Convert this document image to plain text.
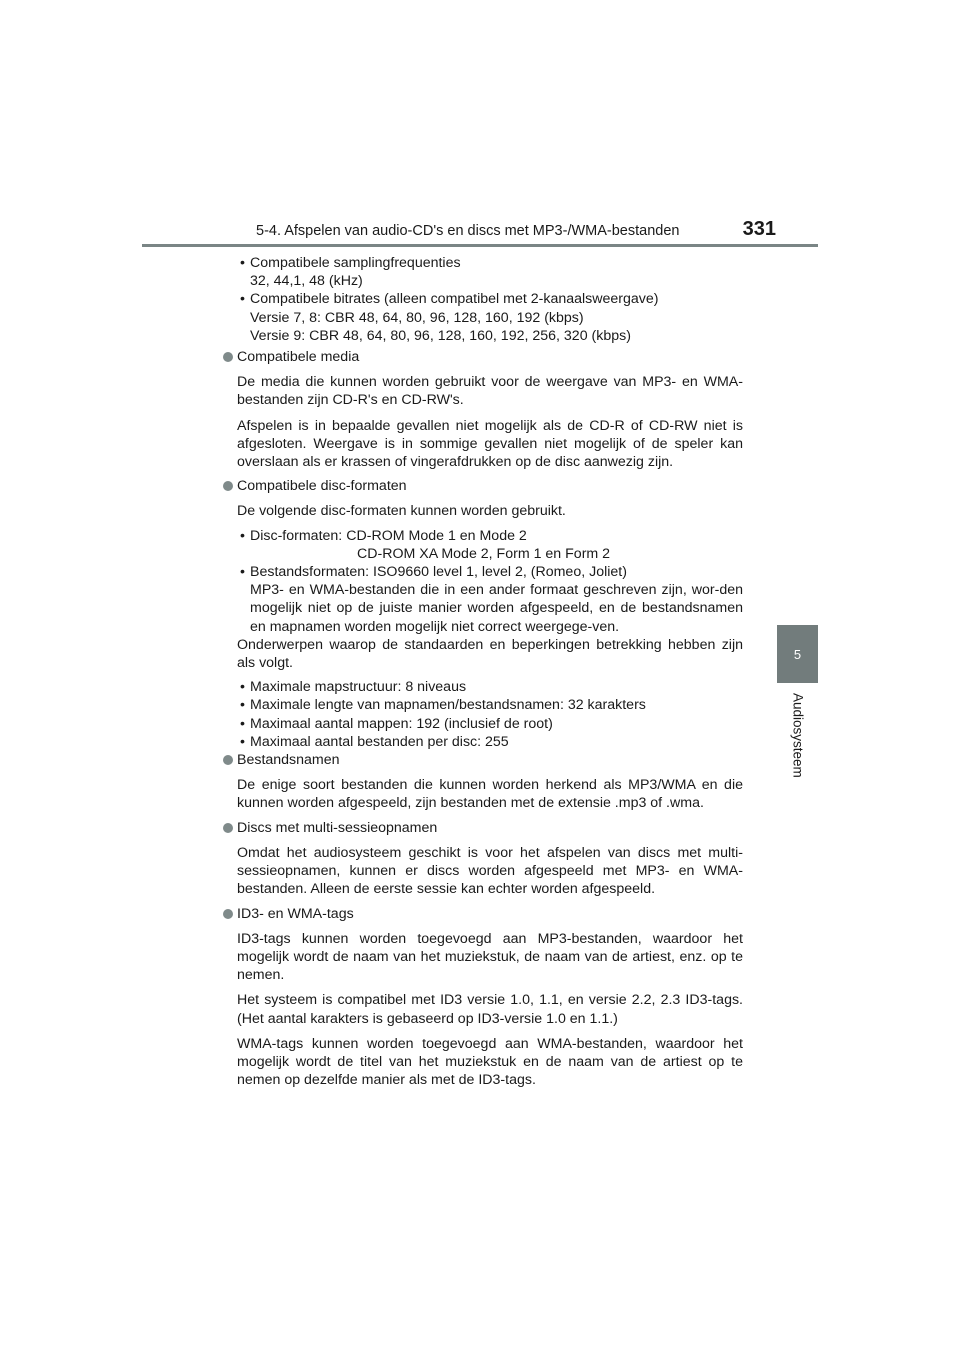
5-4. Afspelen van audio-CD's en discs met MP3-/WMA-bestanden	331
5
Audiosysteem
• Compatibele samplingfrequenties
32, 44,1, 48 (kHz)
• Compatibele bitrates (alleen compatibel met 2-kanaalsweergave)
Versie 7, 8: CBR 48, 64, 80, 96, 128, 160, 192 (kbps)
Versie 9: CBR 48, 64, 80, 96, 128, 160, 192, 256, 320 (kbps)
Compatibele media
De media die kunnen worden gebruikt voor de weergave van MP3- en WMA-bestanden zijn CD-R's en CD-RW's.
Afspelen is in bepaalde gevallen niet mogelijk als de CD-R of CD-RW niet is afgesloten. Weergave is in sommige gevallen niet mogelijk of de speler kan overslaan als er krassen of vingerafdrukken op de disc aanwezig zijn.
Compatibele disc-formaten
De volgende disc-formaten kunnen worden gebruikt.
• Disc-formaten: CD-ROM Mode 1 en Mode 2
CD-ROM XA Mode 2, Form 1 en Form 2
• Bestandsformaten: ISO9660 level 1, level 2, (Romeo, Joliet)
MP3- en WMA-bestanden die in een ander formaat geschreven zijn, wor-den mogelijk niet op de juiste manier worden afgespeeld, en de bestandsnamen en mapnamen worden mogelijk niet correct weergege-ven.
Onderwerpen waarop de standaarden en beperkingen betrekking hebben zijn als volgt.
• Maximale mapstructuur: 8 niveaus
• Maximale lengte van mapnamen/bestandsnamen: 32 karakters
• Maximaal aantal mappen: 192 (inclusief de root)
• Maximaal aantal bestanden per disc: 255
Bestandsnamen
De enige soort bestanden die kunnen worden herkend als MP3/WMA en die kunnen worden afgespeeld, zijn bestanden met de extensie .mp3 of .wma.
Discs met multi-sessieopnamen
Omdat het audiosysteem geschikt is voor het afspelen van discs met multi-sessieopnamen, kunnen er discs worden afgespeeld met MP3- en WMA-bestanden. Alleen de eerste sessie kan echter worden afgespeeld.
ID3- en WMA-tags
ID3-tags kunnen worden toegevoegd aan MP3-bestanden, waardoor het mogelijk wordt de naam van het muziekstuk, de naam van de artiest, enz. op te nemen.
Het systeem is compatibel met ID3 versie 1.0, 1.1, en versie 2.2, 2.3 ID3-tags. (Het aantal karakters is gebaseerd op ID3-versie 1.0 en 1.1.)
WMA-tags kunnen worden toegevoegd aan WMA-bestanden, waardoor het mogelijk wordt de titel van het muziekstuk en de naam van de artiest op te nemen op dezelfde manier als met de ID3-tags.
